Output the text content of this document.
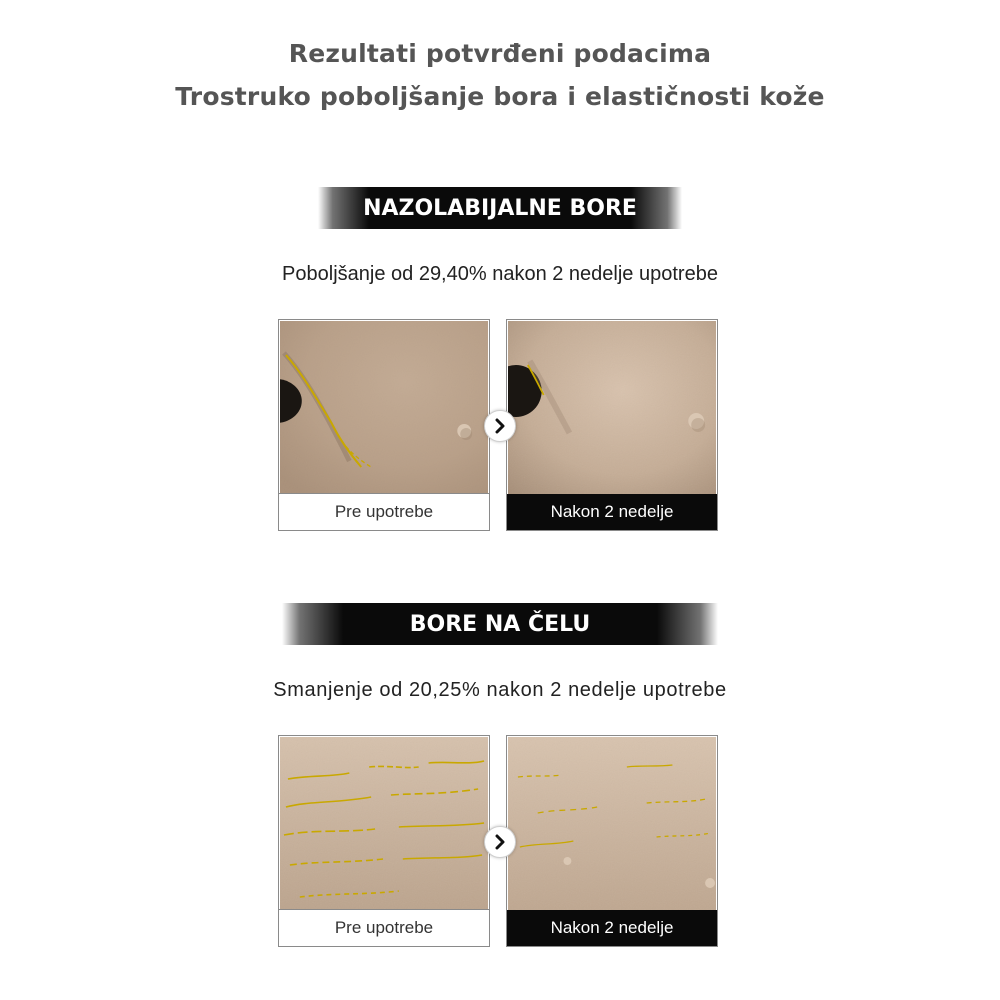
Rezultati potvrđeni podacima
Trostruko poboljšanje bora i elastičnosti kože
NAZOLABIJALNE BORE
Poboljšanje od 29,40% nakon 2 nedelje upotrebe
Pre upotrebe	Nakon 2 nedelje
BORE NA ČELU
Smanjenje od 20,25% nakon 2 nedelje upotrebe
Pre upotrebe	Nakon 2 nedelje
